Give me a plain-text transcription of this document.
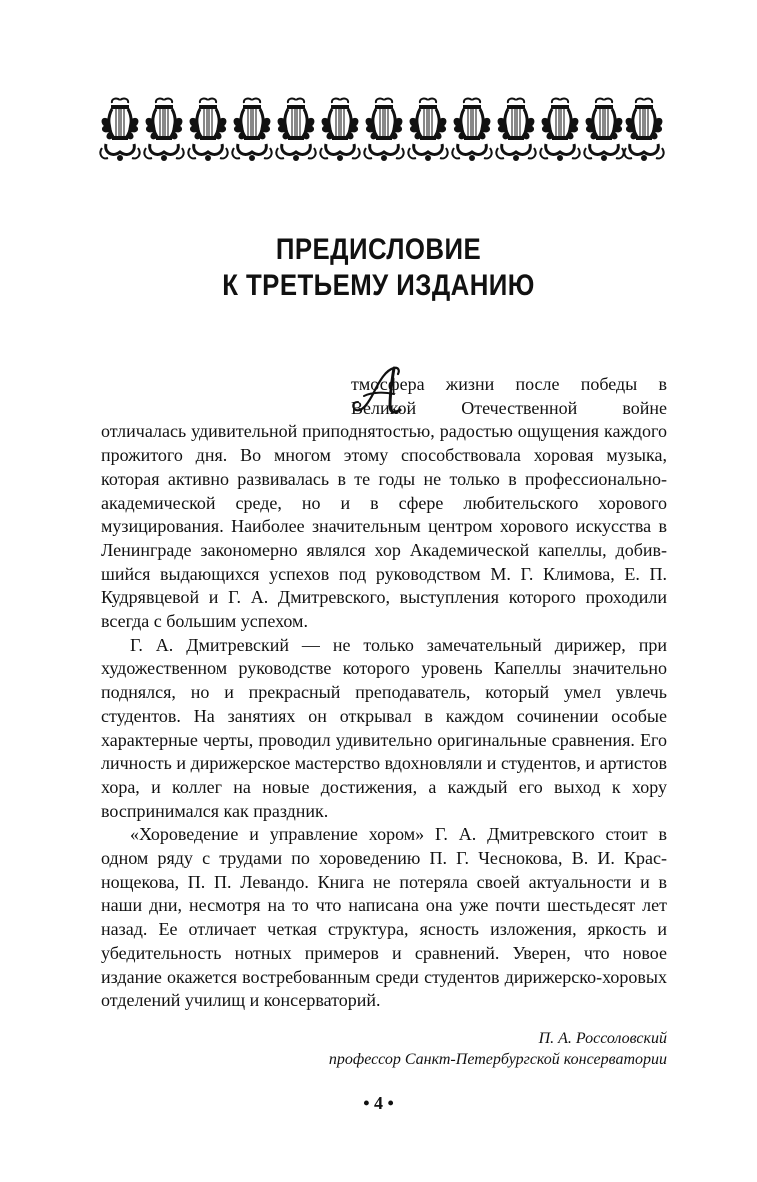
ПРЕДИСЛОВИЕ
К ТРЕТЬЕМУ ИЗДАНИЮ
А

тмосфера жизни после победы в Великой Отечественной войне отличалась удивительной приподнятостью, радостью ощущения каждого прожитого дня. Во многом этому способствовала хоровая музыка, которая активно развивалась в те годы не только в профессионально-академической среде, но и в сфере любительского хорового музицирования. Наиболее значительным центром хорового искусства в Ленинграде закономерно являлся хор Академической капеллы, добившийся выдающихся успехов под руководством М. Г. Климова, Е. П. Кудрявцевой и Г. А. Дмитревского, выступления которого проходили всегда с большим успехом.

Г. А. Дмитревский — не только замечательный дирижер, при художественном руководстве которого уровень Капеллы значительно поднялся, но и прекрасный преподаватель, который умел увлечь студентов. На занятиях он открывал в каждом сочинении особые характерные черты, проводил удивительно оригинальные сравнения. Его личность и дирижерское мастерство вдохновляли и студентов, и артистов хора, и коллег на новые достижения, а каждый его выход к хору воспринимался как праздник.

«Хороведение и управление хором» Г. А. Дмитревского стоит в одном ряду с трудами по хороведению П. Г. Чеснокова, В. И. Краснощекова, П. П. Левандо. Книга не потеряла своей актуальности и в наши дни, несмотря на то что написана она уже почти шестьдесят лет назад. Ее отличает четкая структура, ясность изложения, яркость и убедительность нотных примеров и сравнений. Уверен, что новое издание окажется востребованным среди студентов дирижерско-хоровых отделений училищ и консерваторий.

П. А. Россоловский
профессор Санкт-Петербургской консерватории
• 4 •
